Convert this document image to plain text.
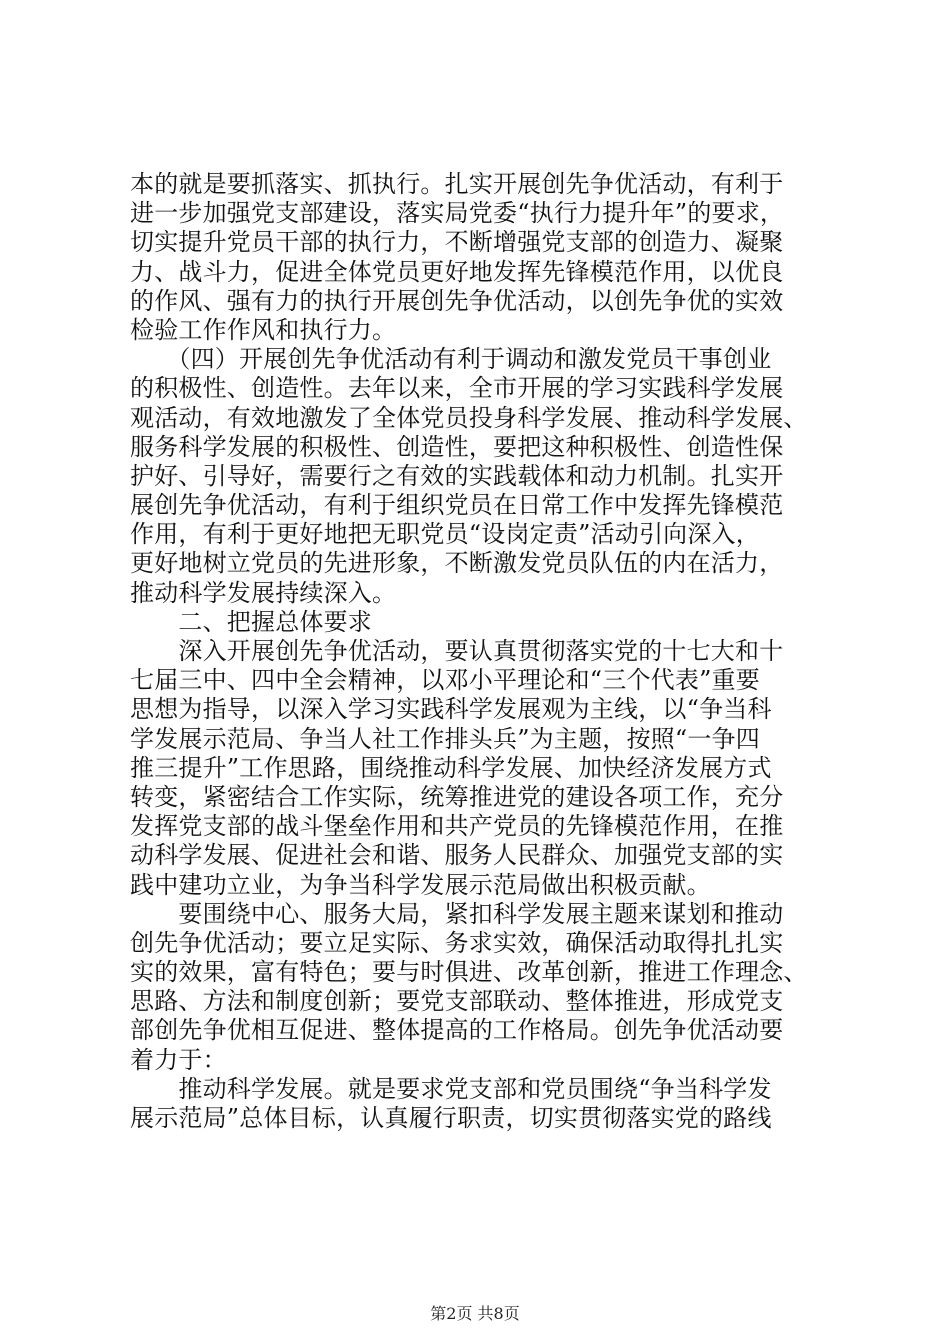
本的就是要抓落实、抓执行。扎实开展创先争优活动，有利于
进一步加强党支部建设，落实局党委“执行力提升年”的要求，
切实提升党员干部的执行力，不断增强党支部的创造力、凝聚
力、战斗力，促进全体党员更好地发挥先锋模范作用，以优良
的作风、强有力的执行开展创先争优活动，以创先争优的实效
检验工作作风和执行力。
　　（四）开展创先争优活动有利于调动和激发党员干事创业
的积极性、创造性。去年以来，全市开展的学习实践科学发展
观活动，有效地激发了全体党员投身科学发展、推动科学发展、
服务科学发展的积极性、创造性，要把这种积极性、创造性保
护好、引导好，需要行之有效的实践载体和动力机制。扎实开
展创先争优活动，有利于组织党员在日常工作中发挥先锋模范
作用，有利于更好地把无职党员“设岗定责”活动引向深入，
更好地树立党员的先进形象，不断激发党员队伍的内在活力，
推动科学发展持续深入。
　　二、把握总体要求
　　深入开展创先争优活动，要认真贯彻落实党的十七大和十
七届三中、四中全会精神，以邓小平理论和“三个代表”重要
思想为指导，以深入学习实践科学发展观为主线，以“争当科
学发展示范局、争当人社工作排头兵”为主题，按照“一争四
推三提升”工作思路，围绕推动科学发展、加快经济发展方式
转变，紧密结合工作实际，统筹推进党的建设各项工作，充分
发挥党支部的战斗堡垒作用和共产党员的先锋模范作用，在推
动科学发展、促进社会和谐、服务人民群众、加强党支部的实
践中建功立业，为争当科学发展示范局做出积极贡献。
　　要围绕中心、服务大局，紧扣科学发展主题来谋划和推动
创先争优活动；要立足实际、务求实效，确保活动取得扎扎实
实的效果，富有特色；要与时俱进、改革创新，推进工作理念、
思路、方法和制度创新；要党支部联动、整体推进，形成党支
部创先争优相互促进、整体提高的工作格局。创先争优活动要
着力于：
　　推动科学发展。就是要求党支部和党员围绕“争当科学发
展示范局”总体目标，认真履行职责，切实贯彻落实党的路线
第2页 共8页
